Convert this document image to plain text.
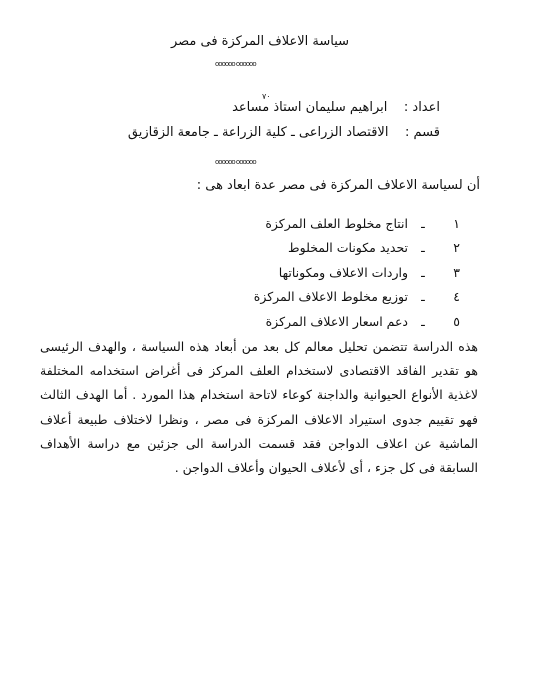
سياسة الاعلاف المركزة فى مصر
oooooo oooooo
٧٠
اعداد :    ابراهيم سليمان استاذ مساعد
قسم :    الاقتصاد الزراعى ـ كلية الزراعة ـ جامعة الزقازيق
oooooo oooooo
أن لسياسة الاعلاف المركزة فى مصر عدة ابعاد هى :
١
ـ
انتاج مخلوط العلف المركزة
٢
ـ
تحديد مكونات المخلوط
٣
ـ
واردات الاعلاف ومكوناتها
٤
ـ
توزيع مخلوط الاعلاف المركزة
٥
ـ
دعم اسعار الاعلاف المركزة

هذه الدراسة تتضمن تحليل معالم كل بعد من أبعاد هذه السياسة ، والهدف الرئيسى هو تقدير الفاقد الاقتصادى لاستخدام العلف المركز فى أغراض استخدامه المختلفة لاغذية الأنواع الحيوانية والداجنة كوعاء لاتاحة استخدام هذا المورد . أما الهدف الثالث فهو تقييم جدوى استيراد الاعلاف المركزة فى مصر ، ونظرا لاختلاف طبيعة أعلاف الماشية عن اعلاف الدواجن فقد قسمت الدراسة الى جزئين مع دراسة الأهداف السابقة فى كل جزء ، أى لأعلاف الحيوان وأعلاف الدواجن .
